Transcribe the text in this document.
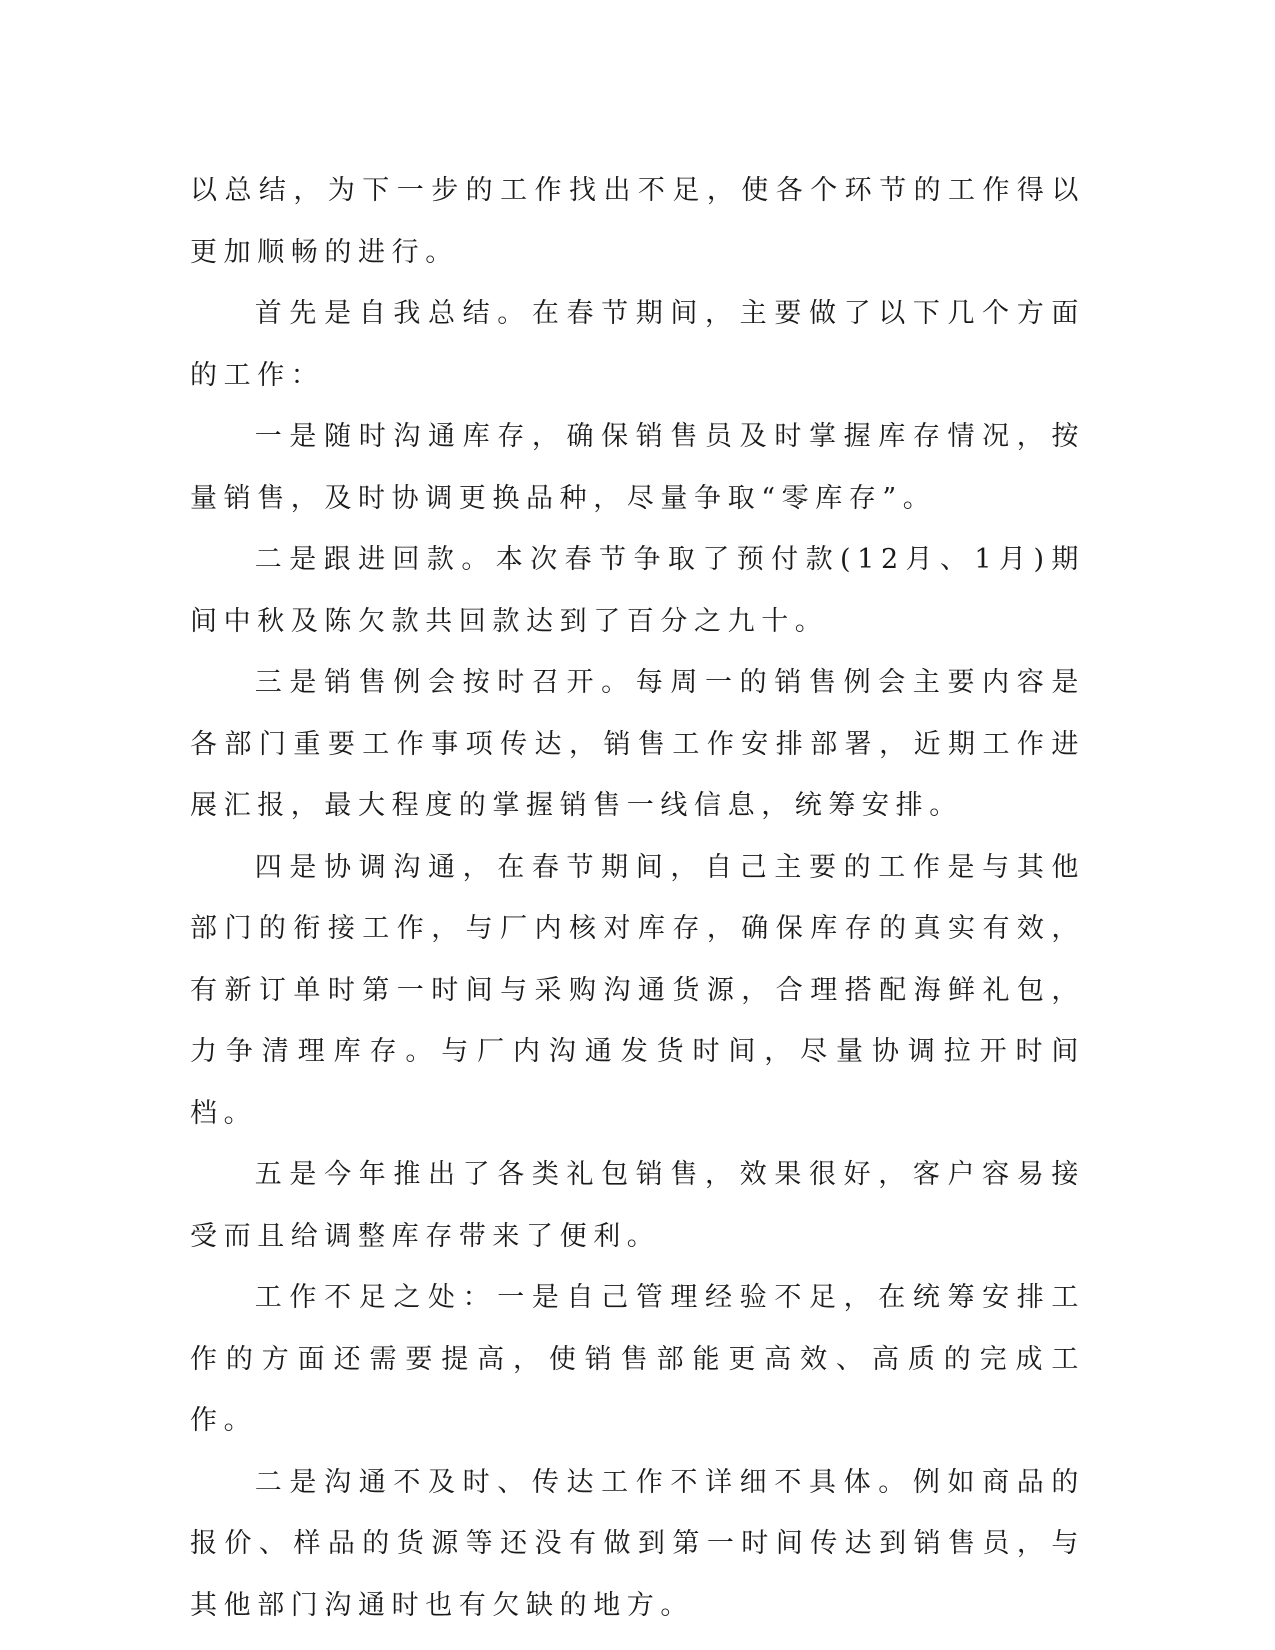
以总结，为下一步的工作找出不足，使各个环节的工作得以更加顺畅的进行。

首先是自我总结。在春节期间，主要做了以下几个方面的工作：

一是随时沟通库存，确保销售员及时掌握库存情况，按量销售，及时协调更换品种，尽量争取“零库存”。

二是跟进回款。本次春节争取了预付款(12月、1月)期间中秋及陈欠款共回款达到了百分之九十。

三是销售例会按时召开。每周一的销售例会主要内容是各部门重要工作事项传达，销售工作安排部署，近期工作进展汇报，最大程度的掌握销售一线信息，统筹安排。

四是协调沟通，在春节期间，自己主要的工作是与其他部门的衔接工作，与厂内核对库存，确保库存的真实有效，有新订单时第一时间与采购沟通货源，合理搭配海鲜礼包，力争清理库存。与厂内沟通发货时间，尽量协调拉开时间档。

五是今年推出了各类礼包销售，效果很好，客户容易接受而且给调整库存带来了便利。

工作不足之处：一是自己管理经验不足，在统筹安排工作的方面还需要提高，使销售部能更高效、高质的完成工作。

二是沟通不及时、传达工作不详细不具体。例如商品的报价、样品的货源等还没有做到第一时间传达到销售员，与其他部门沟通时也有欠缺的地方。
